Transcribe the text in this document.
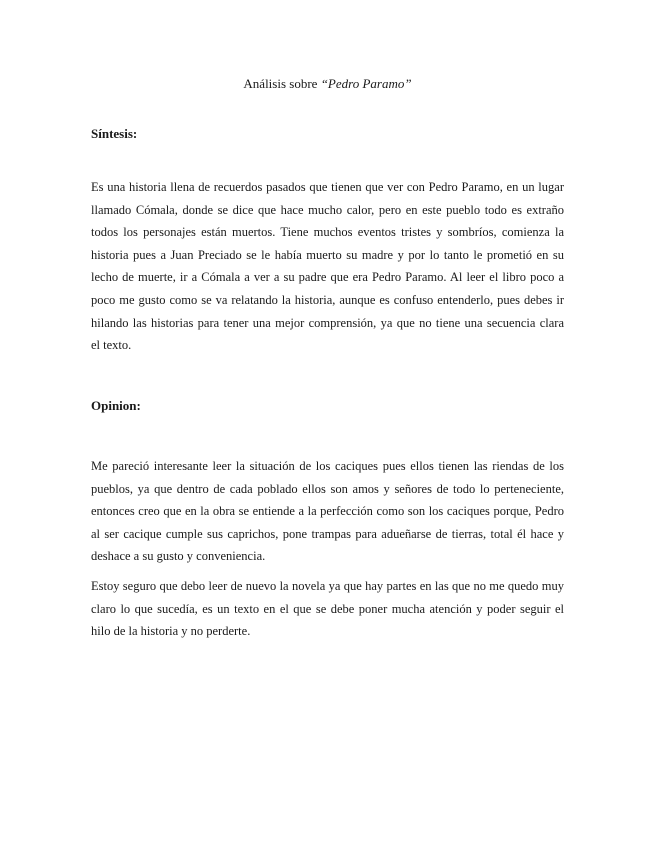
Análisis sobre “Pedro Paramo”
Síntesis:
Es una historia llena de recuerdos pasados que tienen que ver con Pedro Paramo, en un lugar
llamado Cómala, donde se dice que hace mucho calor, pero en este pueblo todo es extraño
todos los personajes están muertos. Tiene muchos eventos tristes y sombríos, comienza la
historia pues a Juan Preciado se le había muerto su madre y por lo tanto le prometió en su
lecho de muerte, ir a Cómala a ver a su padre que era Pedro Paramo. Al leer el libro poco a
poco me gusto como se va relatando la historia, aunque es confuso entenderlo, pues debes ir
hilando las historias para tener una mejor comprensión, ya que no tiene una secuencia clara
el texto.
Opinion:
Me pareció interesante leer la situación de los caciques pues ellos tienen las riendas de los
pueblos, ya que dentro de cada poblado ellos son amos y señores de todo lo perteneciente,
entonces creo que en la obra se entiende a la perfección como son los caciques porque, Pedro
al ser cacique cumple sus caprichos, pone trampas para adueñarse de tierras, total él hace y
deshace a su gusto y conveniencia.
Estoy seguro que debo leer de nuevo la novela ya que hay partes en las que no me quedo muy
claro lo que sucedía, es un texto en el que se debe poner mucha atención y poder seguir el
hilo de la historia y no perderte.
